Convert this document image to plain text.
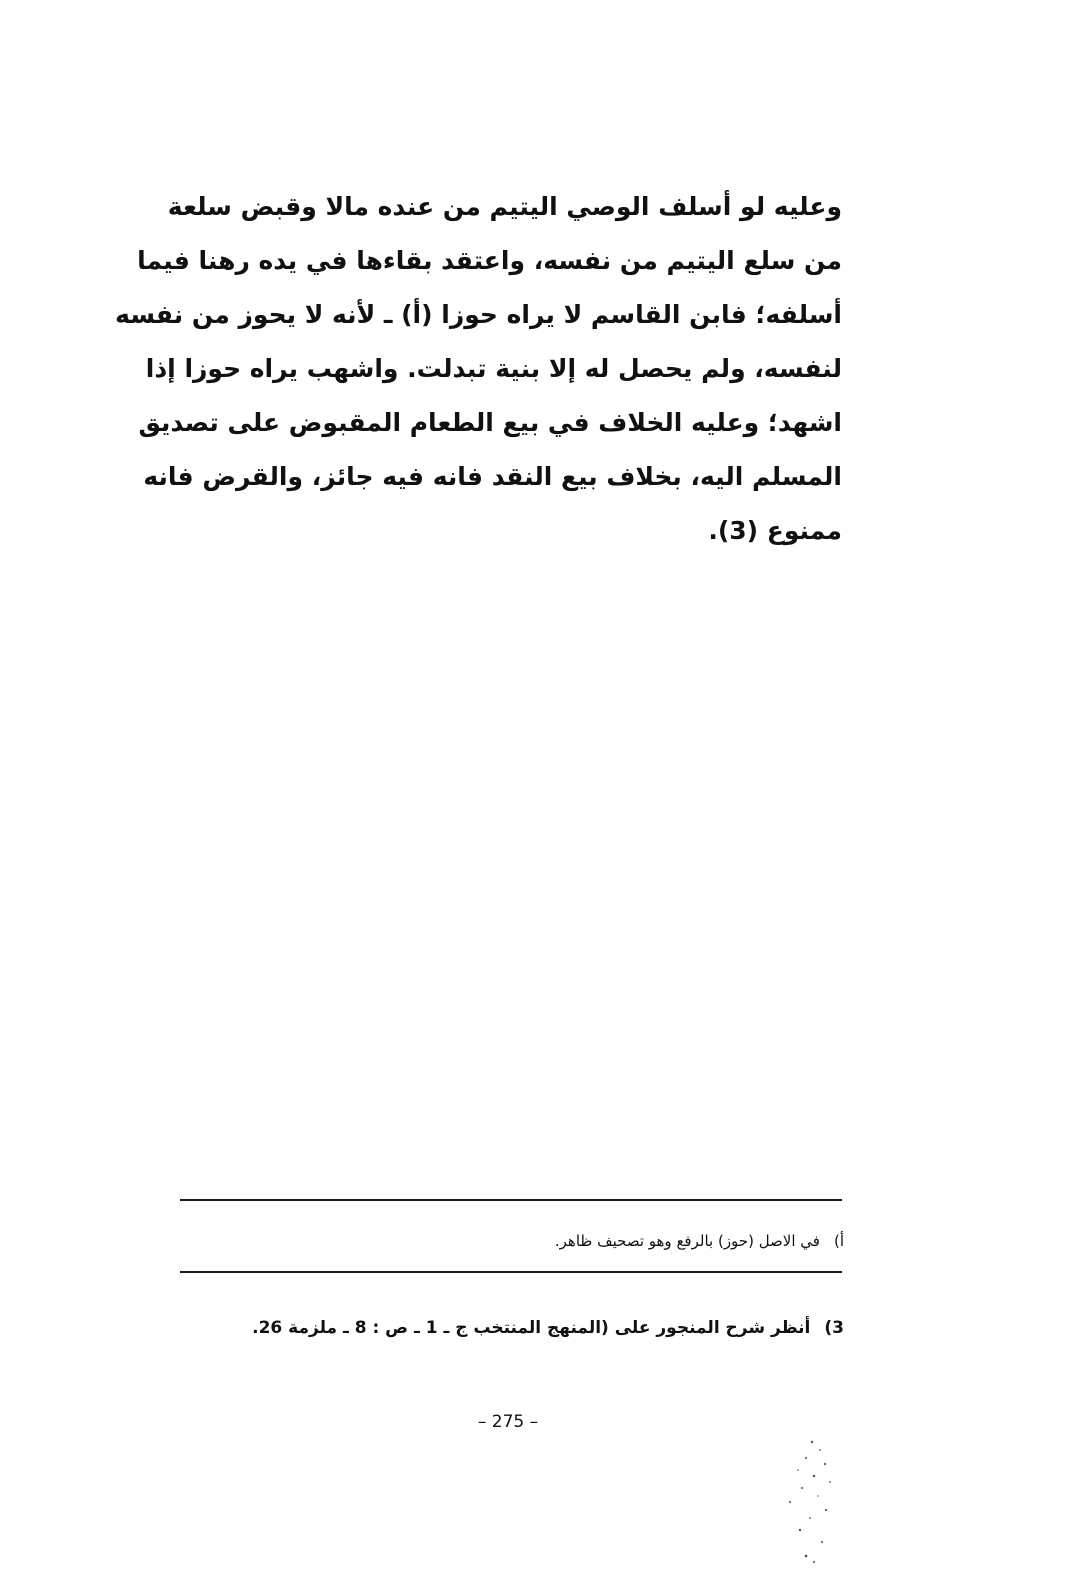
وعليه لو أسلف الوصي اليتيم من عنده مالا وقبض سلعة
من سلع اليتيم من نفسه، واعتقد بقاءها في يده رهنا فيما
أسلفه؛ فابن القاسم لا يراه حوزا (أ) ـ لأنه لا يحوز من نفسه
لنفسه، ولم يحصل له إلا بنية تبدلت. واشهب يراه حوزا إذا
اشهد؛ وعليه الخلاف في بيع الطعام المقبوض على تصديق
المسلم اليه، بخلاف بيع النقد فانه فيه جائز، والقرض فانه
ممنوع (3).
أ)في الاصل (حوز) بالرفع وهو تصحيف ظاهر.
3)أنظر شرح المنجور على (المنهج المنتخب ج ـ 1 ـ ص : 8 ـ ملزمة 26.
– 275 –
